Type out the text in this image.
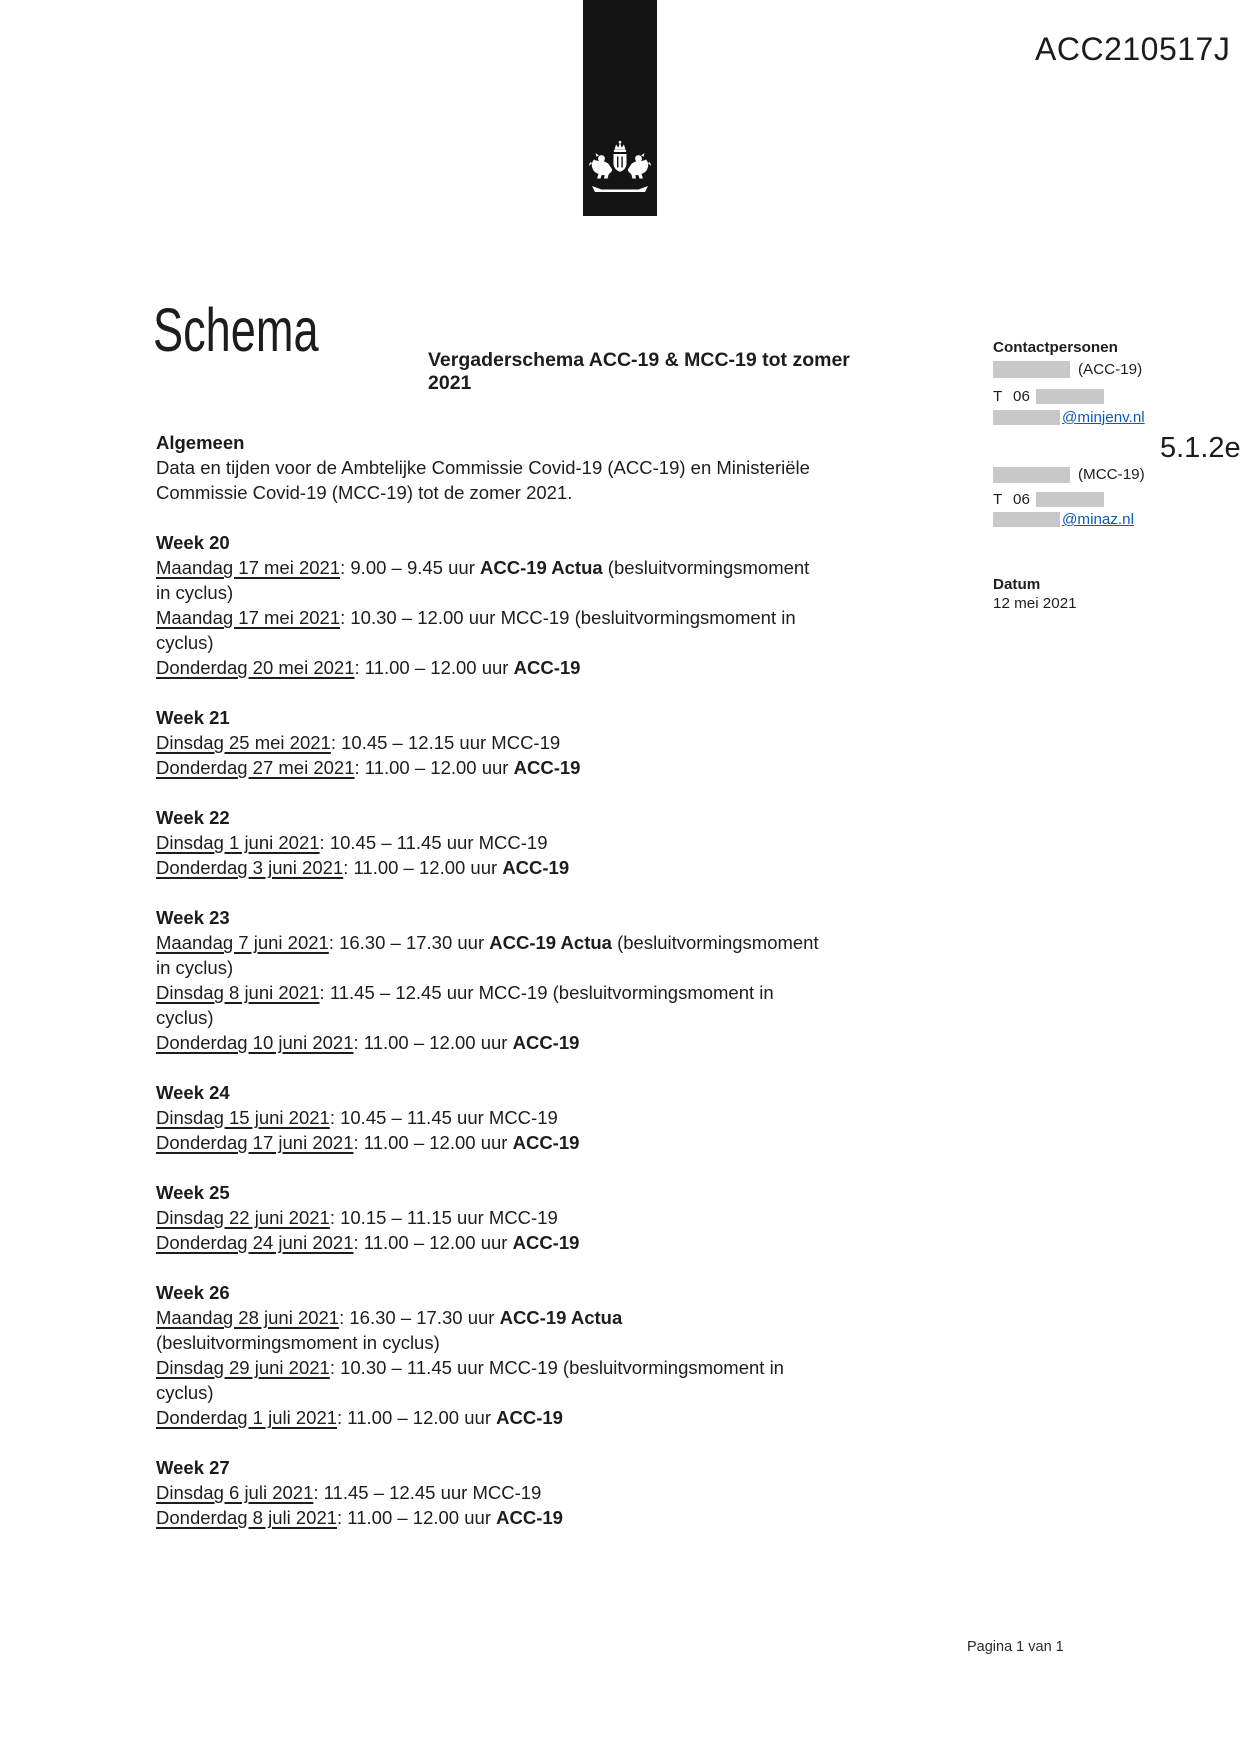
ACC210517J
Schema	Vergaderschema ACC-19 & MCC-19 tot zomer
2021
Algemeen

Data en tijden voor de Ambtelijke Commissie Covid-19 (ACC-19) en Ministeriële

Commissie Covid-19 (MCC-19) tot de zomer 2021.

Week 20

Maandag 17 mei 2021: 9.00 – 9.45 uur ACC-19 Actua (besluitvormingsmoment

in cyclus)

Maandag 17 mei 2021: 10.30 – 12.00 uur MCC-19 (besluitvormingsmoment in

cyclus)

Donderdag 20 mei 2021: 11.00 – 12.00 uur ACC-19

Week 21

Dinsdag 25 mei 2021: 10.45 – 12.15 uur MCC-19

Donderdag 27 mei 2021: 11.00 – 12.00 uur ACC-19

Week 22

Dinsdag 1 juni 2021: 10.45 – 11.45 uur MCC-19

Donderdag 3 juni 2021: 11.00 – 12.00 uur ACC-19

Week 23

Maandag 7 juni 2021: 16.30 – 17.30 uur ACC-19 Actua (besluitvormingsmoment

in cyclus)

Dinsdag 8 juni 2021: 11.45 – 12.45 uur MCC-19 (besluitvormingsmoment in

cyclus)

Donderdag 10 juni 2021: 11.00 – 12.00 uur ACC-19

Week 24

Dinsdag 15 juni 2021: 10.45 – 11.45 uur MCC-19

Donderdag 17 juni 2021: 11.00 – 12.00 uur ACC-19

Week 25

Dinsdag 22 juni 2021: 10.15 – 11.15 uur MCC-19

Donderdag 24 juni 2021: 11.00 – 12.00 uur ACC-19

Week 26

Maandag 28 juni 2021: 16.30 – 17.30 uur ACC-19 Actua

(besluitvormingsmoment in cyclus)

Dinsdag 29 juni 2021: 10.30 – 11.45 uur MCC-19 (besluitvormingsmoment in

cyclus)

Donderdag 1 juli 2021: 11.00 – 12.00 uur ACC-19

Week 27

Dinsdag 6 juli 2021: 11.45 – 12.45 uur MCC-19

Donderdag 8 juli 2021: 11.00 – 12.00 uur ACC-19

Contactpersonen
(ACC-19)
T 06
@minjenv.nl
5.1.2e
(MCC-19)
T 06
@minaz.nl
Datum
12 mei 2021
Pagina 1 van 1
